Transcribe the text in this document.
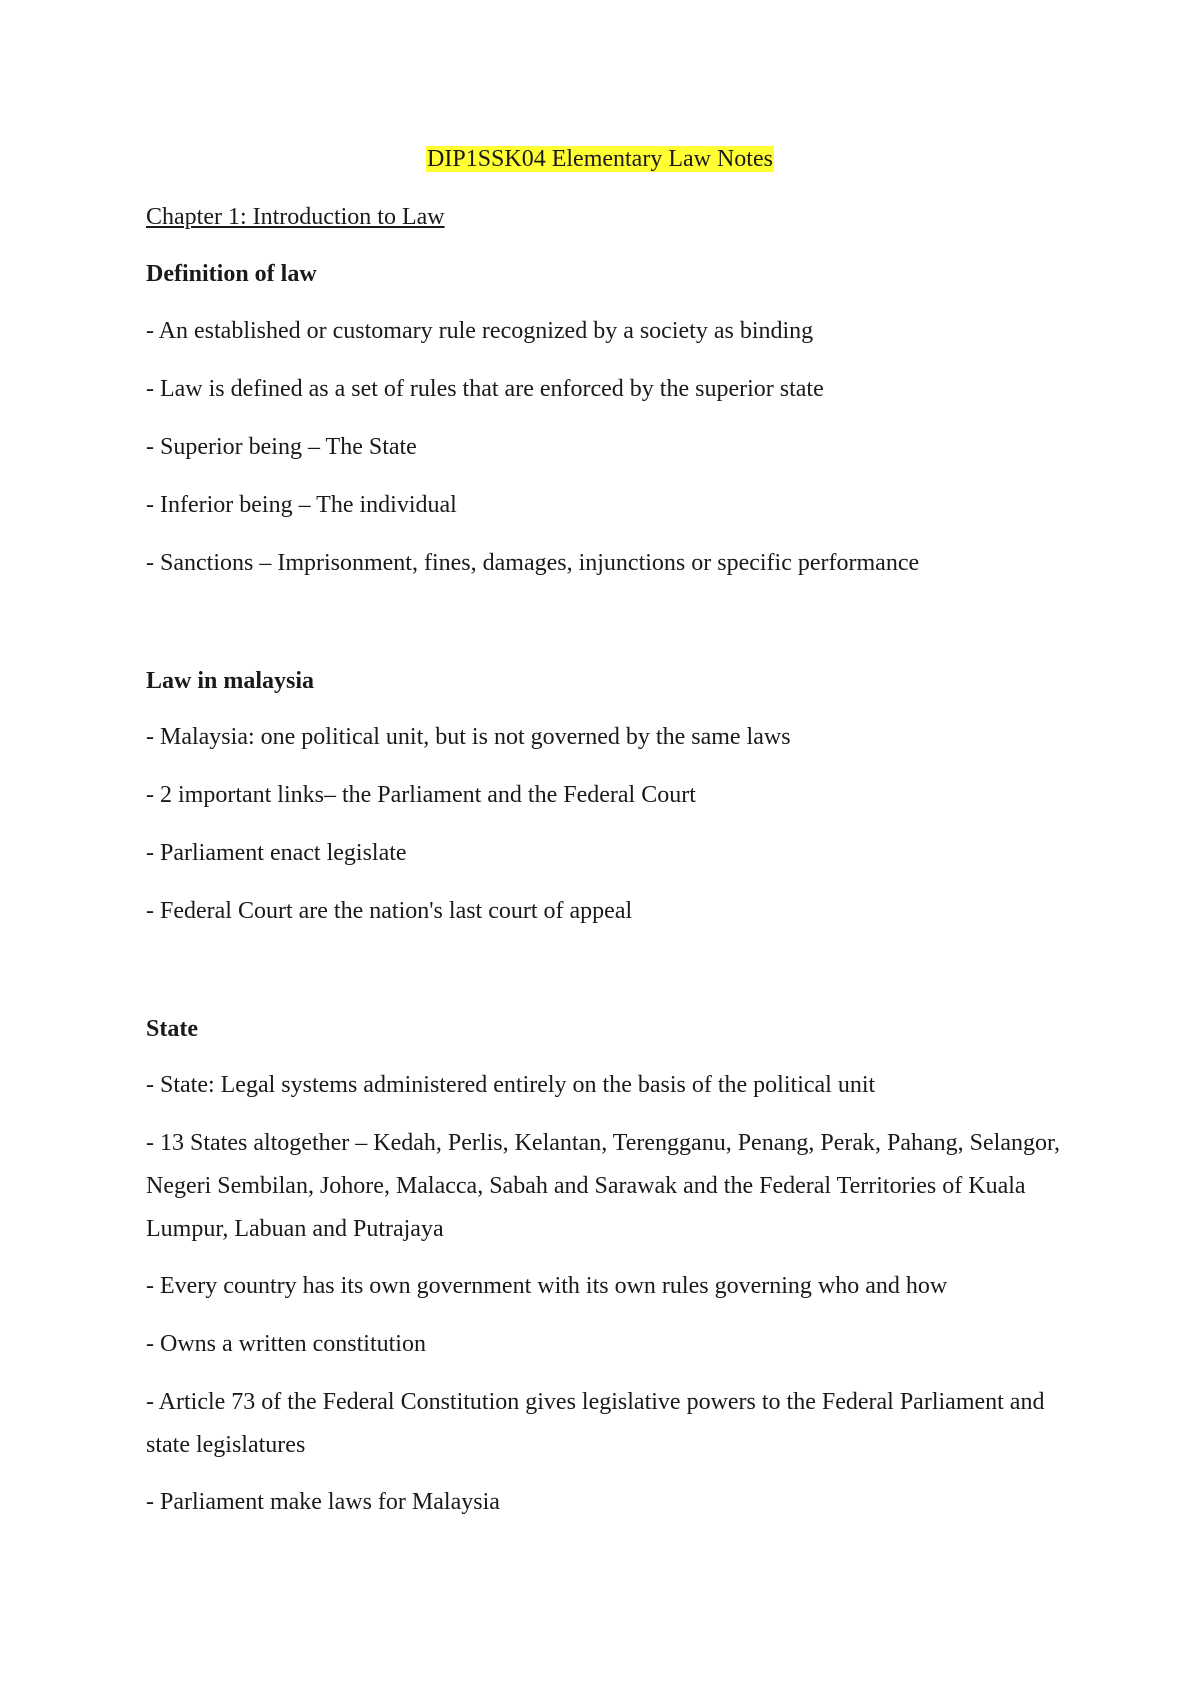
DIP1SSK04 Elementary Law Notes
Chapter 1: Introduction to Law
Definition of law
- An established or customary rule recognized by a society as binding
- Law is defined as a set of rules that are enforced by the superior state
- Superior being – The State
- Inferior being – The individual
- Sanctions – Imprisonment, fines, damages, injunctions or specific performance
Law in malaysia
- Malaysia: one political unit, but is not governed by the same laws
- 2 important links– the Parliament and the Federal Court
- Parliament enact legislate
- Federal Court are the nation's last court of appeal
State
- State: Legal systems administered entirely on the basis of the political unit
- 13 States altogether – Kedah, Perlis, Kelantan, Terengganu, Penang, Perak, Pahang, Selangor, Negeri Sembilan, Johore, Malacca, Sabah and Sarawak and the Federal Territories of Kuala Lumpur, Labuan and Putrajaya
- Every country has its own government with its own rules governing who and how
- Owns a written constitution
- Article 73 of the Federal Constitution gives legislative powers to the Federal Parliament and state legislatures
- Parliament make laws for Malaysia
